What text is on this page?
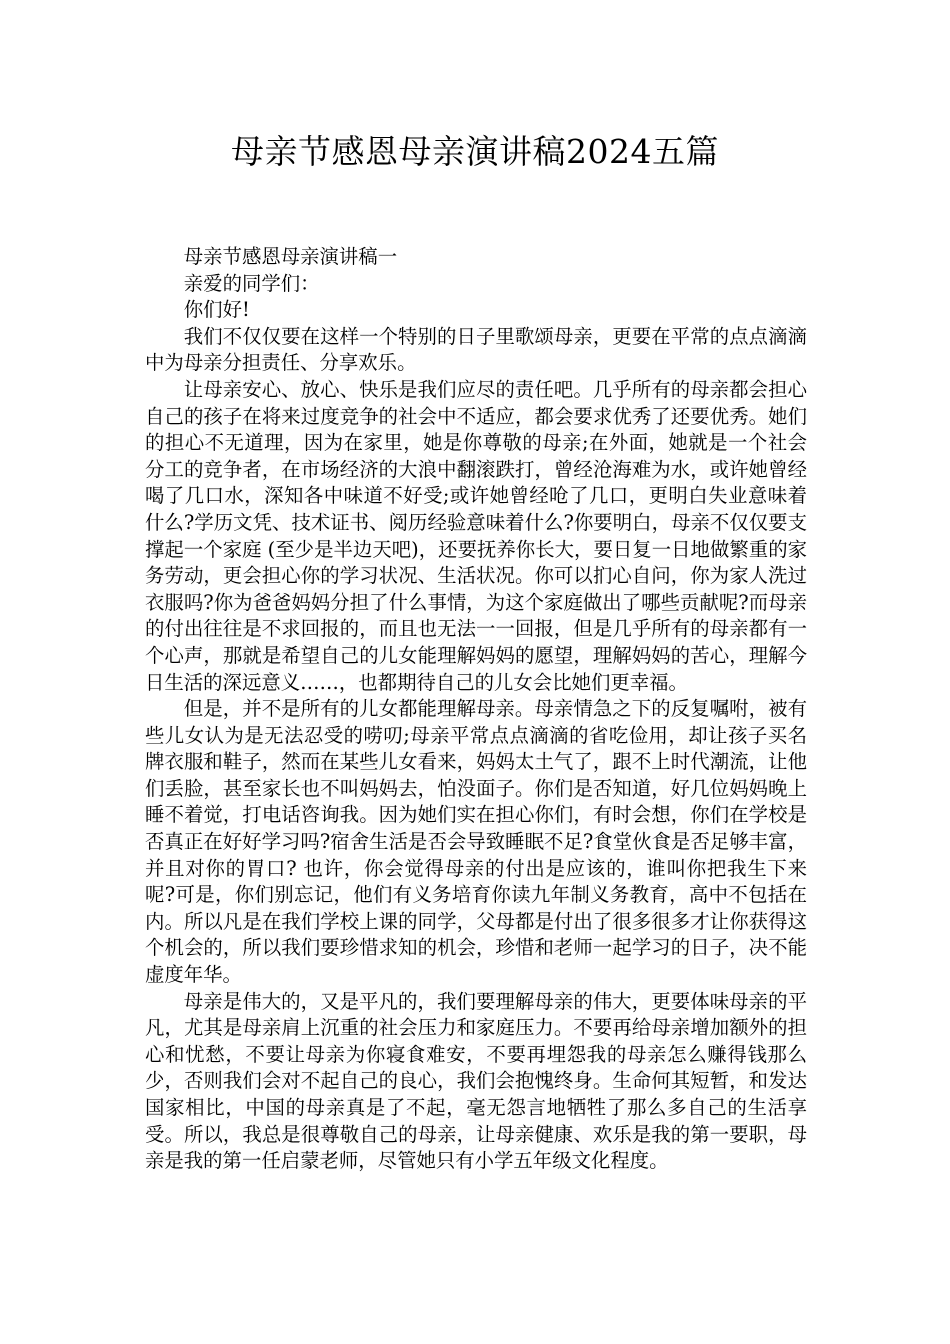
母亲节感恩母亲演讲稿2024五篇

母亲节感恩母亲演讲稿一

亲爱的同学们：

你们好!

我们不仅仅要在这样一个特别的日子里歌颂母亲，更要在平常的点点滴滴中为母亲分担责任、分享欢乐。

让母亲安心、放心、快乐是我们应尽的责任吧。几乎所有的母亲都会担心自己的孩子在将来过度竞争的社会中不适应，都会要求优秀了还要优秀。她们的担心不无道理，因为在家里，她是你尊敬的母亲;在外面，她就是一个社会分工的竞争者，在市场经济的大浪中翻滚跌打，曾经沧海难为水，或许她曾经喝了几口水，深知各中味道不好受;或许她曾经呛了几口，更明白失业意味着什么?学历文凭、技术证书、阅历经验意味着什么?你要明白，母亲不仅仅要支撑起一个家庭 (至少是半边天吧)，还要抚养你长大，要日复一日地做繁重的家务劳动，更会担心你的学习状况、生活状况。你可以扪心自问，你为家人洗过衣服吗?你为爸爸妈妈分担了什么事情，为这个家庭做出了哪些贡献呢?而母亲的付出往往是不求回报的，而且也无法一一回报，但是几乎所有的母亲都有一个心声，那就是希望自己的儿女能理解妈妈的愿望，理解妈妈的苦心，理解今日生活的深远意义……，也都期待自己的儿女会比她们更幸福。

但是，并不是所有的儿女都能理解母亲。母亲情急之下的反复嘱咐，被有些儿女认为是无法忍受的唠叨;母亲平常点点滴滴的省吃俭用，却让孩子买名牌衣服和鞋子，然而在某些儿女看来，妈妈太土气了，跟不上时代潮流，让他们丢脸，甚至家长也不叫妈妈去，怕没面子。你们是否知道，好几位妈妈晚上睡不着觉，打电话咨询我。因为她们实在担心你们，有时会想，你们在学校是否真正在好好学习吗?宿舍生活是否会导致睡眠不足?食堂伙食是否足够丰富，并且对你的胃口? 也许，你会觉得母亲的付出是应该的，谁叫你把我生下来呢?可是，你们别忘记，他们有义务培育你读九年制义务教育，高中不包括在内。所以凡是在我们学校上课的同学，父母都是付出了很多很多才让你获得这个机会的，所以我们要珍惜求知的机会，珍惜和老师一起学习的日子，决不能虚度年华。

母亲是伟大的，又是平凡的，我们要理解母亲的伟大，更要体味母亲的平凡，尤其是母亲肩上沉重的社会压力和家庭压力。不要再给母亲增加额外的担心和忧愁，不要让母亲为你寝食难安，不要再埋怨我的母亲怎么赚得钱那么少，否则我们会对不起自己的良心，我们会抱愧终身。生命何其短暂，和发达国家相比，中国的母亲真是了不起，毫无怨言地牺牲了那么多自己的生活享受。所以，我总是很尊敬自己的母亲，让母亲健康、欢乐是我的第一要职，母亲是我的第一任启蒙老师，尽管她只有小学五年级文化程度。
